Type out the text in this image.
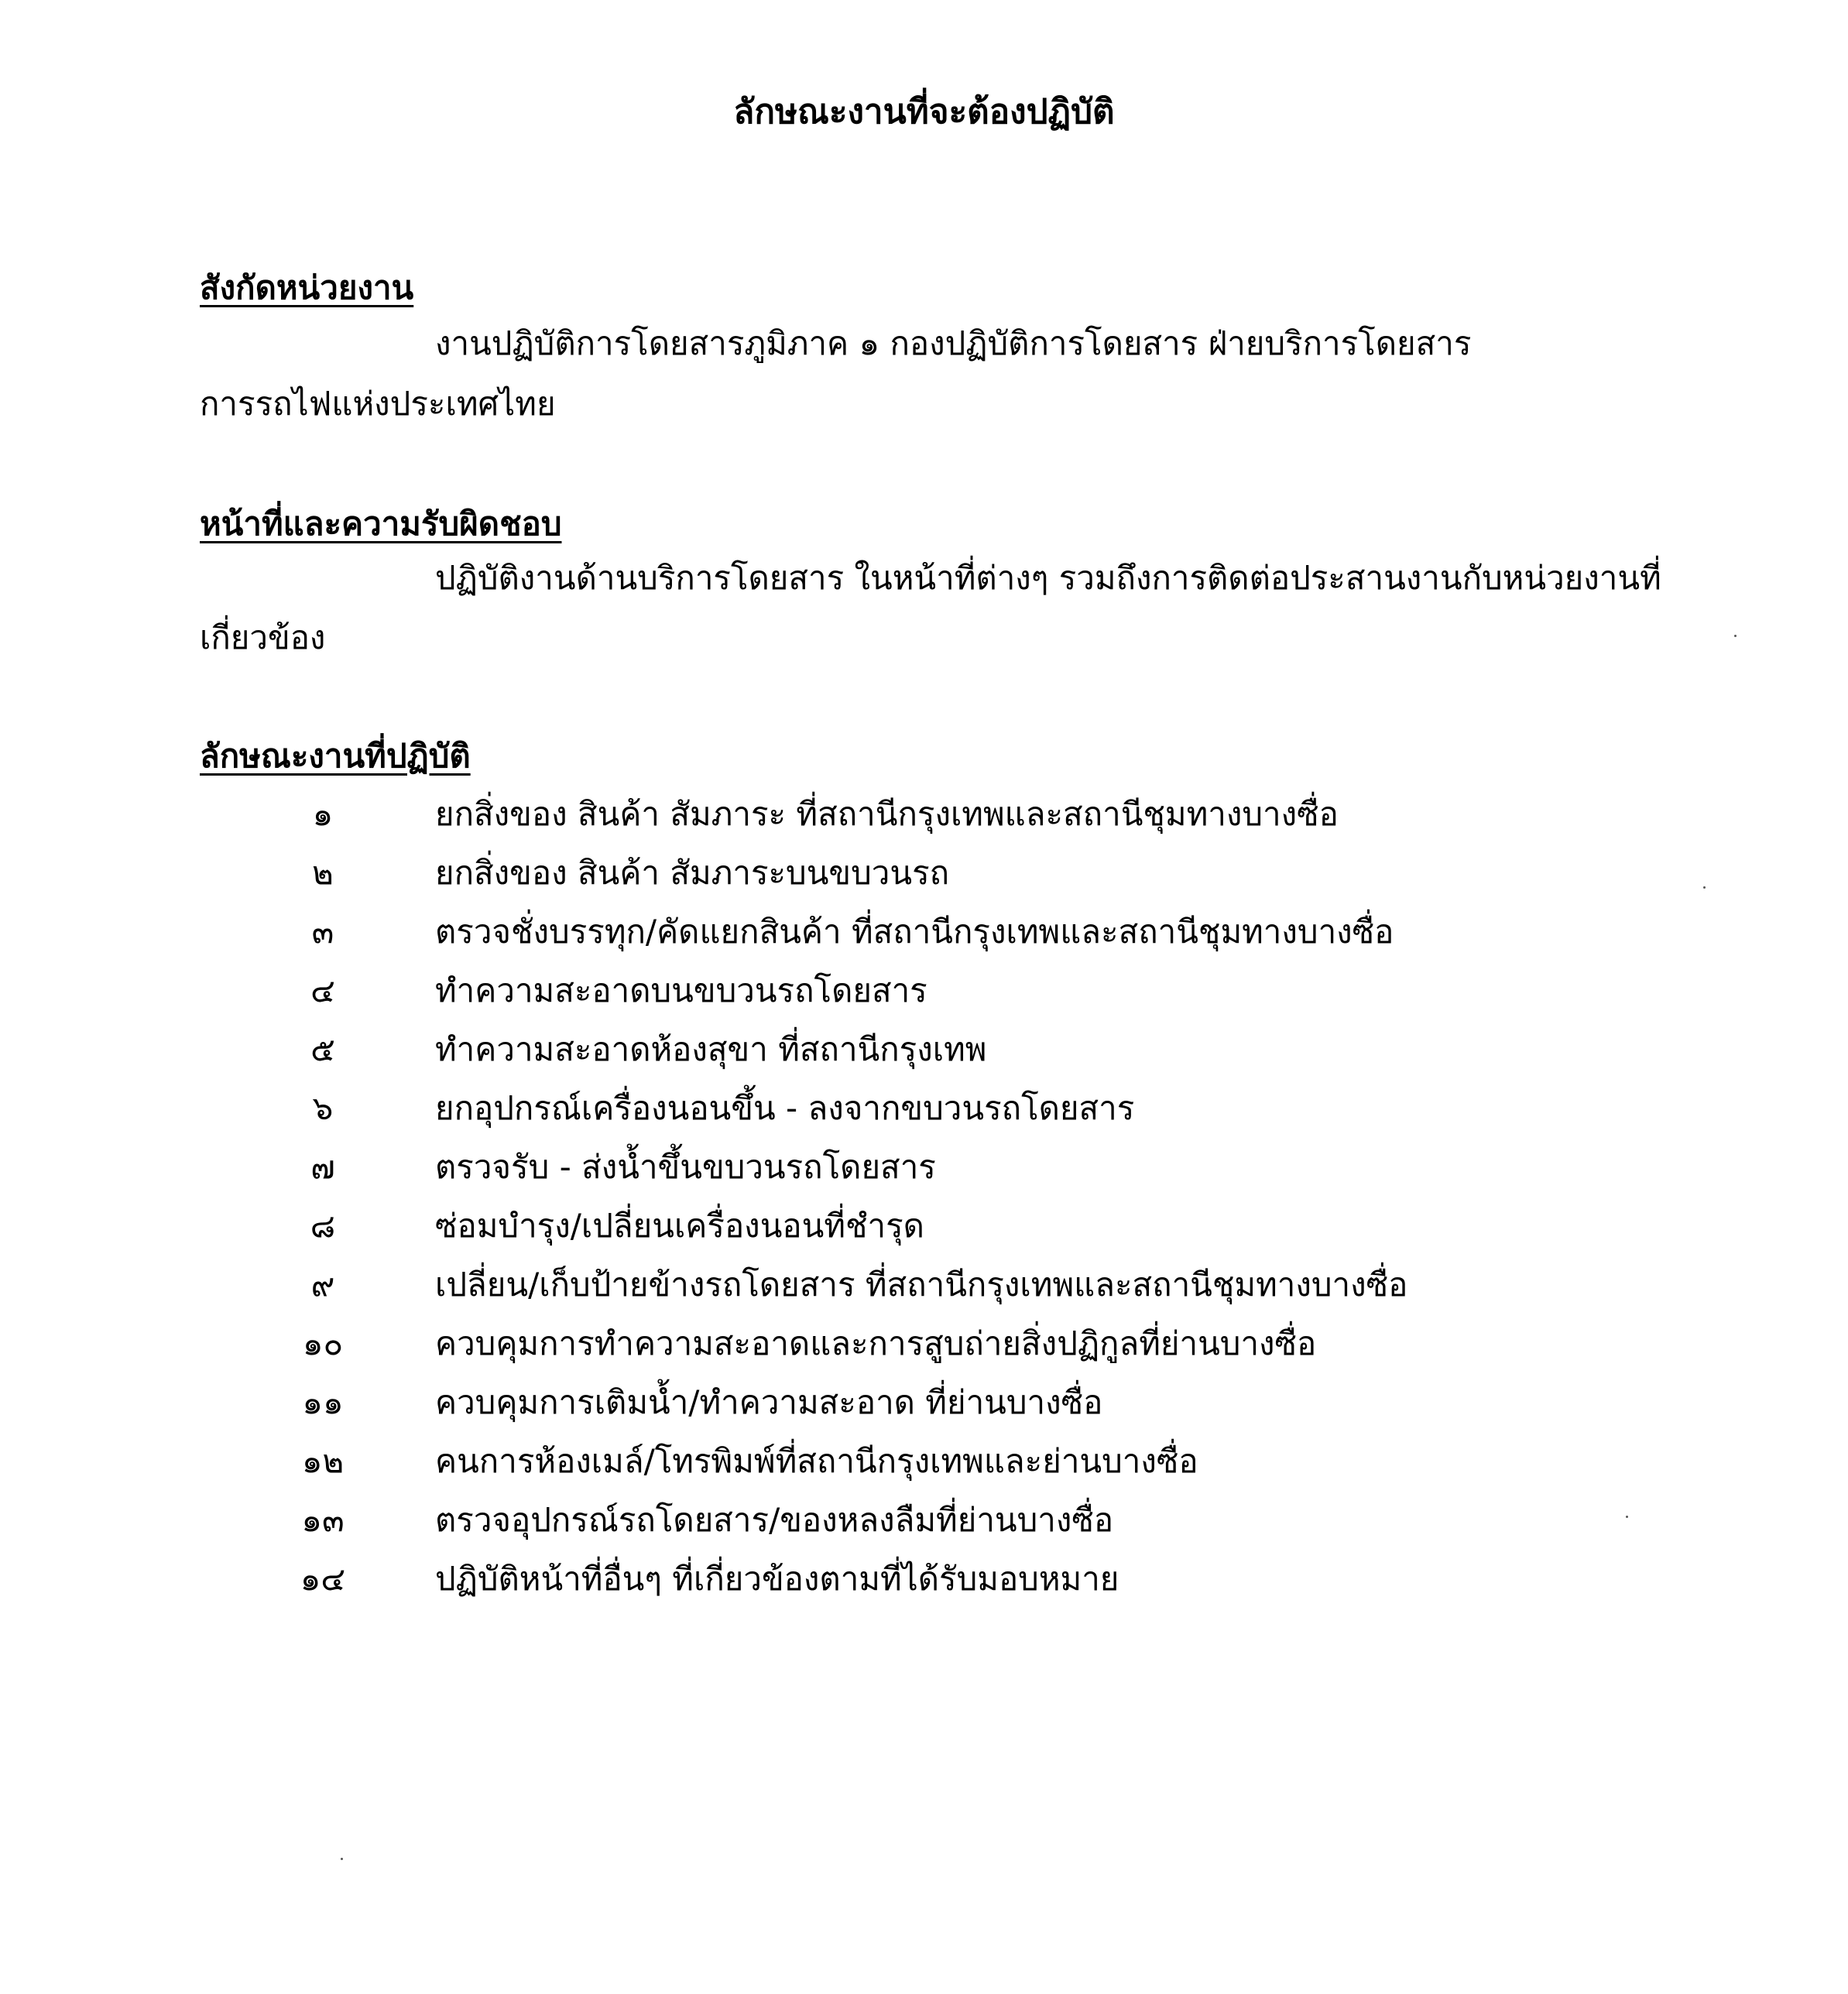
ลักษณะงานที่จะต้องปฏิบัติ
สังกัดหน่วยงาน
งานปฏิบัติการโดยสารภูมิภาค ๑ กองปฏิบัติการโดยสาร ฝ่ายบริการโดยสาร
การรถไฟแห่งประเทศไทย
หน้าที่และความรับผิดชอบ
ปฏิบัติงานด้านบริการโดยสาร ในหน้าที่ต่างๆ รวมถึงการติดต่อประสานงานกับหน่วยงานที่
เกี่ยวข้อง
ลักษณะงานที่ปฏิบัติ
๑	ยกสิ่งของ สินค้า สัมภาระ ที่สถานีกรุงเทพและสถานีชุมทางบางซื่อ
๒	ยกสิ่งของ สินค้า สัมภาระบนขบวนรถ
๓	ตรวจชั่งบรรทุก/คัดแยกสินค้า ที่สถานีกรุงเทพและสถานีชุมทางบางซื่อ
๔	ทำความสะอาดบนขบวนรถโดยสาร
๕	ทำความสะอาดห้องสุขา ที่สถานีกรุงเทพ
๖	ยกอุปกรณ์เครื่องนอนขึ้น - ลงจากขบวนรถโดยสาร
๗	ตรวจรับ - ส่งน้ำขึ้นขบวนรถโดยสาร
๘	ซ่อมบำรุง/เปลี่ยนเครื่องนอนที่ชำรุด
๙	เปลี่ยน/เก็บป้ายข้างรถโดยสาร ที่สถานีกรุงเทพและสถานีชุมทางบางซื่อ
๑๐	ควบคุมการทำความสะอาดและการสูบถ่ายสิ่งปฏิกูลที่ย่านบางซื่อ
๑๑	ควบคุมการเติมน้ำ/ทำความสะอาด ที่ย่านบางซื่อ
๑๒	คนการห้องเมล์/โทรพิมพ์ที่สถานีกรุงเทพและย่านบางซื่อ
๑๓	ตรวจอุปกรณ์รถโดยสาร/ของหลงลืมที่ย่านบางซื่อ
๑๔	ปฏิบัติหน้าที่อื่นๆ ที่เกี่ยวข้องตามที่ได้รับมอบหมาย
